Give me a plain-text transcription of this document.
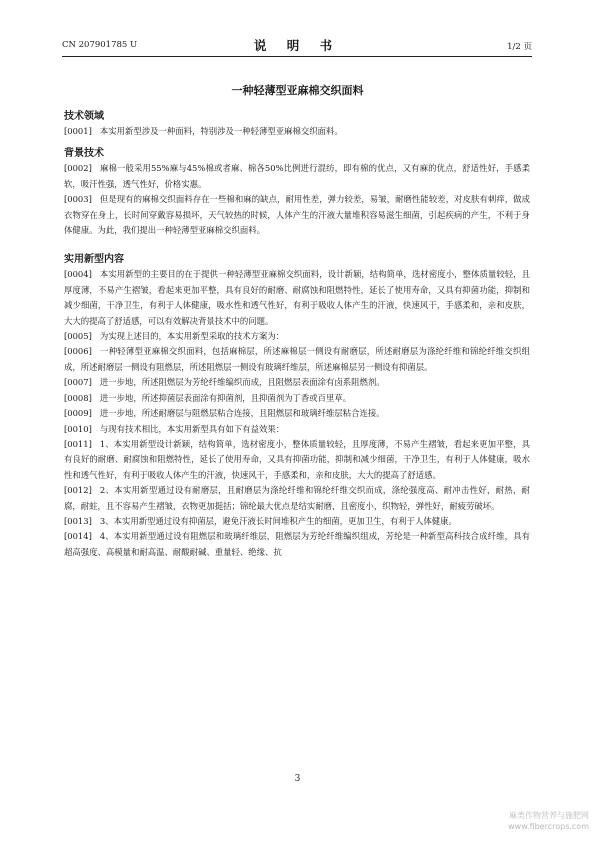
CN 207901785 U	说 明 书	1/2 页
一种轻薄型亚麻棉交织面料
技术领域

[0001] 本实用新型涉及一种面料，特别涉及一种轻薄型亚麻棉交织面料。

背景技术

[0002] 麻棉一般采用55%麻与45%棉或者麻、棉各50%比例进行混纺，即有棉的优点，又有麻的优点，舒适性好，手感柔软，吸汗性强，透气性好，价格实惠。

[0003] 但是现有的麻棉交织面料存在一些棉和麻的缺点，耐用性差，弹力较差，易皱，耐磨性能较差，对皮肤有刺痒，做成衣物穿在身上，长时间穿戴容易损坏，天气较热的时候，人体产生的汗液大量堆积容易滋生细菌，引起疾病的产生，不利于身体健康。为此，我们提出一种轻薄型亚麻棉交织面料。

实用新型内容

[0004] 本实用新型的主要目的在于提供一种轻薄型亚麻棉交织面料，设计新颖，结构简单，选材密度小，整体质量较轻，且厚度薄，不易产生褶皱，看起来更加平整，具有良好的耐磨、耐腐蚀和阻燃特性，延长了使用寿命，又具有抑菌功能，抑制和减少细菌，干净卫生，有利于人体健康，吸水性和透气性好，有利于吸收人体产生的汗液，快速风干，手感柔和，亲和皮肤，大大的提高了舒适感，可以有效解决背景技术中的问题。

[0005] 为实现上述目的，本实用新型采取的技术方案为：

[0006] 一种轻薄型亚麻棉交织面料，包括麻棉层，所述麻棉层一侧设有耐磨层，所述耐磨层为涤纶纤维和锦纶纤维交织组成，所述耐磨层一侧设有阻燃层，所述阻燃层一侧设有玻璃纤维层，所述麻棉层另一侧设有抑菌层。

[0007] 进一步地，所述阻燃层为芳纶纤维编织而成，且阻燃层表面涂有卤系阻燃剂。

[0008] 进一步地，所述抑菌层表面涂有抑菌剂，且抑菌剂为丁香或百里草。

[0009] 进一步地，所述耐磨层与阻燃层粘合连接，且阻燃层和玻璃纤维层粘合连接。

[0010] 与现有技术相比，本实用新型具有如下有益效果：

[0011] 1、本实用新型设计新颖，结构简单，选材密度小，整体质量较轻，且厚度薄，不易产生褶皱，看起来更加平整，具有良好的耐磨、耐腐蚀和阻燃特性，延长了使用寿命，又具有抑菌功能，抑制和减少细菌，干净卫生，有利于人体健康，吸水性和透气性好，有利于吸收人体产生的汗液，快速风干，手感柔和，亲和皮肤，大大的提高了舒适感。

[0012] 2、本实用新型通过设有耐磨层，且耐磨层为涤纶纤维和锦纶纤维交织而成，涤纶强度高、耐冲击性好，耐热，耐腐，耐蛀，且不容易产生褶皱，衣物更加挺括；锦纶最大优点是结实耐磨，且密度小，织物轻，弹性好，耐疲劳破坏。

[0013] 3、本实用新型通过设有抑菌层，避免汗液长时间堆积产生的细菌，更加卫生，有利于人体健康。

[0014] 4、本实用新型通过设有阻燃层和玻璃纤维层，阻燃层为芳纶纤维编织组成，芳纶是一种新型高科技合成纤维，具有超高强度、高模量和耐高温、耐酸耐碱、重量轻、绝缘、抗

3
麻类作物营养与施肥网
www.fibercrops.com
